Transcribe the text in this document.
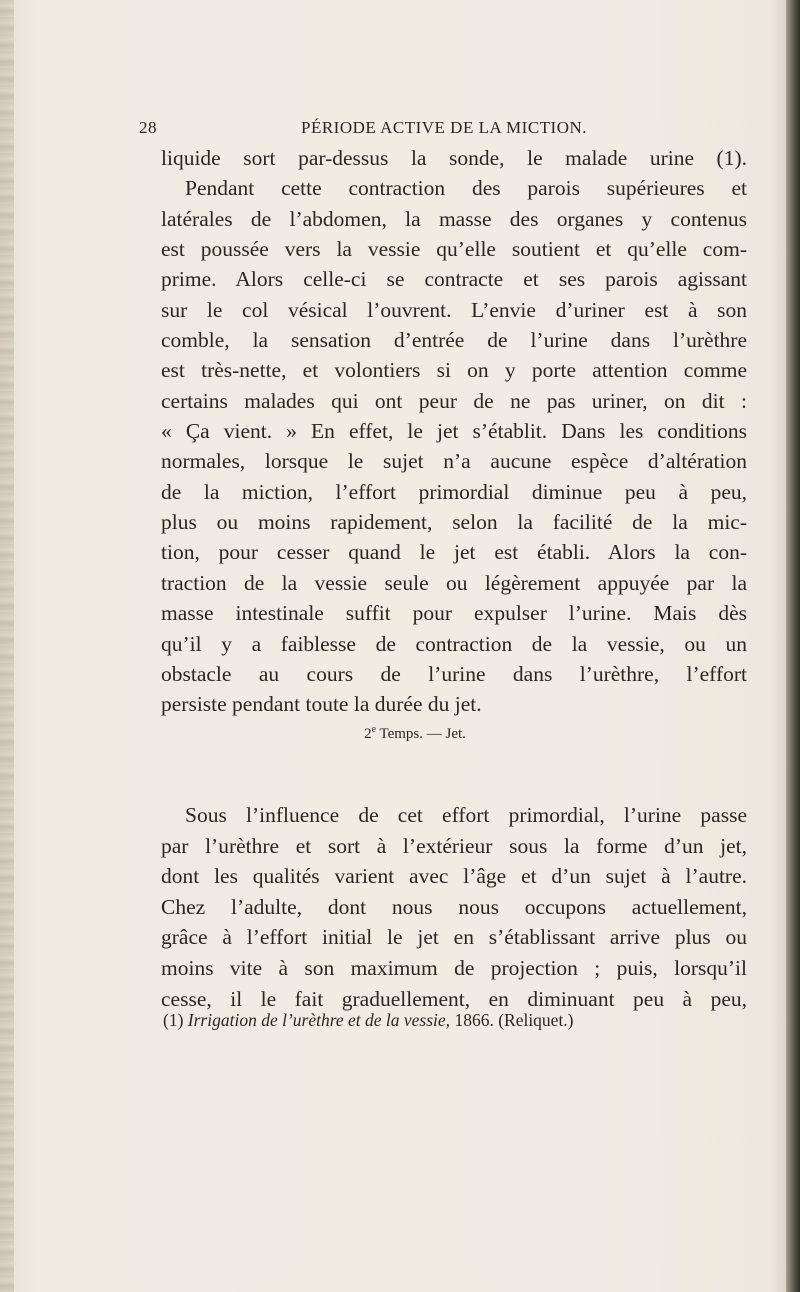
28	PÉRIODE ACTIVE DE LA MICTION.
liquide sort par-dessus la sonde, le malade urine (1).
Pendant cette contraction des parois supérieures et
latérales de l’abdomen, la masse des organes y contenus
est poussée vers la vessie qu’elle soutient et qu’elle com-
prime. Alors celle-ci se contracte et ses parois agissant
sur le col vésical l’ouvrent. L’envie d’uriner est à son
comble, la sensation d’entrée de l’urine dans l’urèthre
est très-nette, et volontiers si on y porte attention comme
certains malades qui ont peur de ne pas uriner, on dit :
« Ça vient. » En effet, le jet s’établit. Dans les conditions
normales, lorsque le sujet n’a aucune espèce d’altération
de la miction, l’effort primordial diminue peu à peu,
plus ou moins rapidement, selon la facilité de la mic-
tion, pour cesser quand le jet est établi. Alors la con-
traction de la vessie seule ou légèrement appuyée par la
masse intestinale suffit pour expulser l’urine. Mais dès
qu’il y a faiblesse de contraction de la vessie, ou un
obstacle au cours de l’urine dans l’urèthre, l’effort
persiste pendant toute la durée du jet.
2e Temps. — Jet.
Sous l’influence de cet effort primordial, l’urine passe
par l’urèthre et sort à l’extérieur sous la forme d’un jet,
dont les qualités varient avec l’âge et d’un sujet à l’autre.
Chez l’adulte, dont nous nous occupons actuellement,
grâce à l’effort initial le jet en s’établissant arrive plus ou
moins vite à son maximum de projection ; puis, lorsqu’il
cesse, il le fait graduellement, en diminuant peu à peu,
(1) Irrigation de l’urèthre et de la vessie, 1866. (Reliquet.)
